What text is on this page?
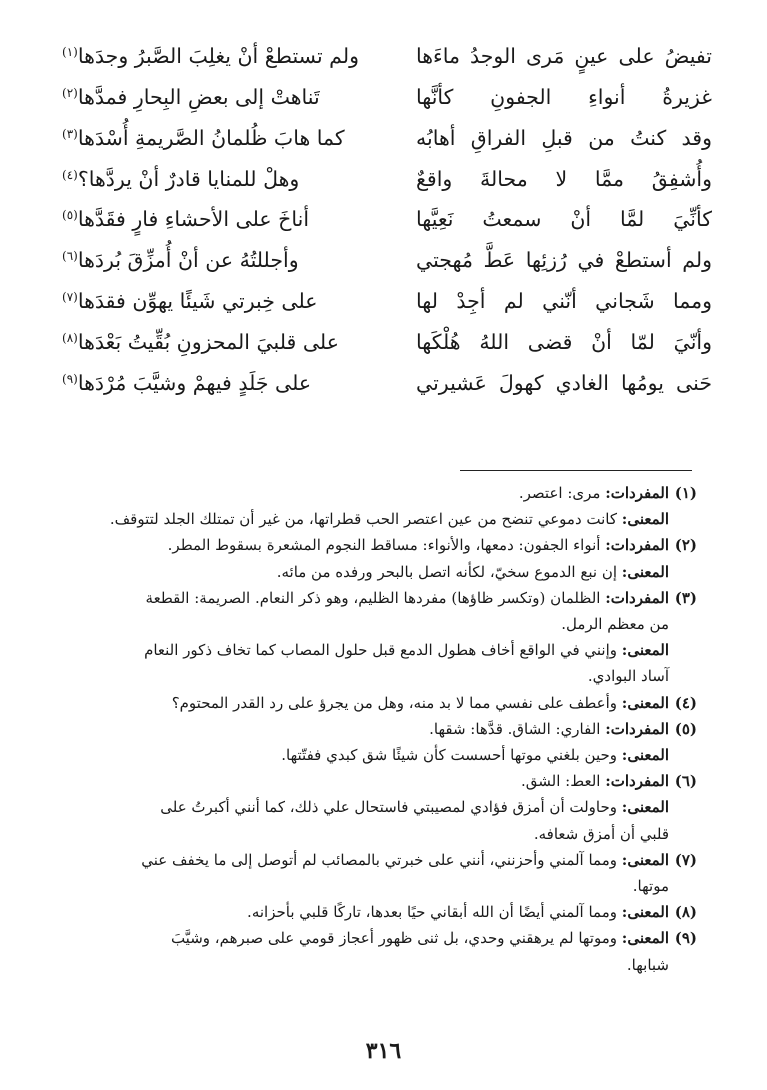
تفيضُ على عينٍ مَرى الوجدُ ماءَها
ولم تستطعْ أنْ يغلِبَ الصَّبرُ وجدَها$^{(١)}$
غزيرةُ أنواءِ الجفونِ كأنَّها
تَناهتْ إلى بعضِ البِحارِ فمدَّها$^{(٢)}$
وقد كنتُ من قبلِ الفراقِ أهابُه
كما هابَ ظُلمانُ الصَّريمةِ أُسْدَها$^{(٣)}$
وأُشفِقُ ممَّا لا محالةَ واقعٌ
وهلْ للمنايا قادرٌ أنْ يردَّها؟$^{(٤)}$
كأنِّيَ لمَّا أنْ سمعتُ نَعِيَّها
أناخَ على الأحشاءِ فارٍ فقَدَّها$^{(٥)}$
ولم أستطعْ في رُزئِها عَطَّ مُهجتي
وأجللتُهُ عن أنْ أُمزِّقَ بُردَها$^{(٦)}$
ومما شَجاني أنّني لم أجِدْ لها
على خِبرتي شَيئًا يهوِّن فقدَها$^{(٧)}$
وأنّيَ لمّا أنْ قضى اللهُ هُلْكَها
على قلبيَ المحزونِ بُقِّيتُ بَعْدَها$^{(٨)}$
حَنى يومُها الغادي كهولَ عَشيرتي
على جَلَدٍ فيهمْ وشيَّبَ مُرْدَها$^{(٩)}$
(١)
المفردات: مرى: اعتصر.
المعنى: كانت دموعي تنضح من عين اعتصر الحب قطراتها، من غير أن تمتلك الجلد لتتوقف.
(٢)
المفردات: أنواء الجفون: دمعها، والأنواء: مساقط النجوم المشعرة بسقوط المطر.
المعنى: إن نبع الدموع سخيّ، لكأنه اتصل بالبحر ورفده من مائه.
(٣)
المفردات: الظلمان (وتكسر ظاؤها) مفردها الظليم، وهو ذكر النعام. الصريمة: القطعة
من معظم الرمل.
المعنى: وإنني في الواقع أخاف هطول الدمع قبل حلول المصاب كما تخاف ذكور النعام
آساد البوادي.
(٤)
المعنى: وأعطف على نفسي مما لا بد منه، وهل من يجرؤ على رد القدر المحتوم؟
(٥)
المفردات: الفاري: الشاق. قدَّها: شقها.
المعنى: وحين بلغني موتها أحسست كأن شيئًا شق كبدي ففتّتها.
(٦)
المفردات: العط: الشق.
المعنى: وحاولت أن أمزق فؤادي لمصيبتي فاستحال علي ذلك، كما أنني أكبرتُ على
قلبي أن أمزق شعافه.
(٧)
المعنى: ومما آلمني وأحزنني، أنني على خبرتي بالمصائب لم أتوصل إلى ما يخفف عني
موتها.
(٨)
المعنى: ومما آلمني أيضًا أن الله أبقاني حيًا بعدها، تاركًا قلبي بأحزانه.
(٩)
المعنى: وموتها لم يرهقني وحدي، بل ثنى ظهور أعجاز قومي على صبرهم، وشيَّبَ
شبابها.
٣١٦
